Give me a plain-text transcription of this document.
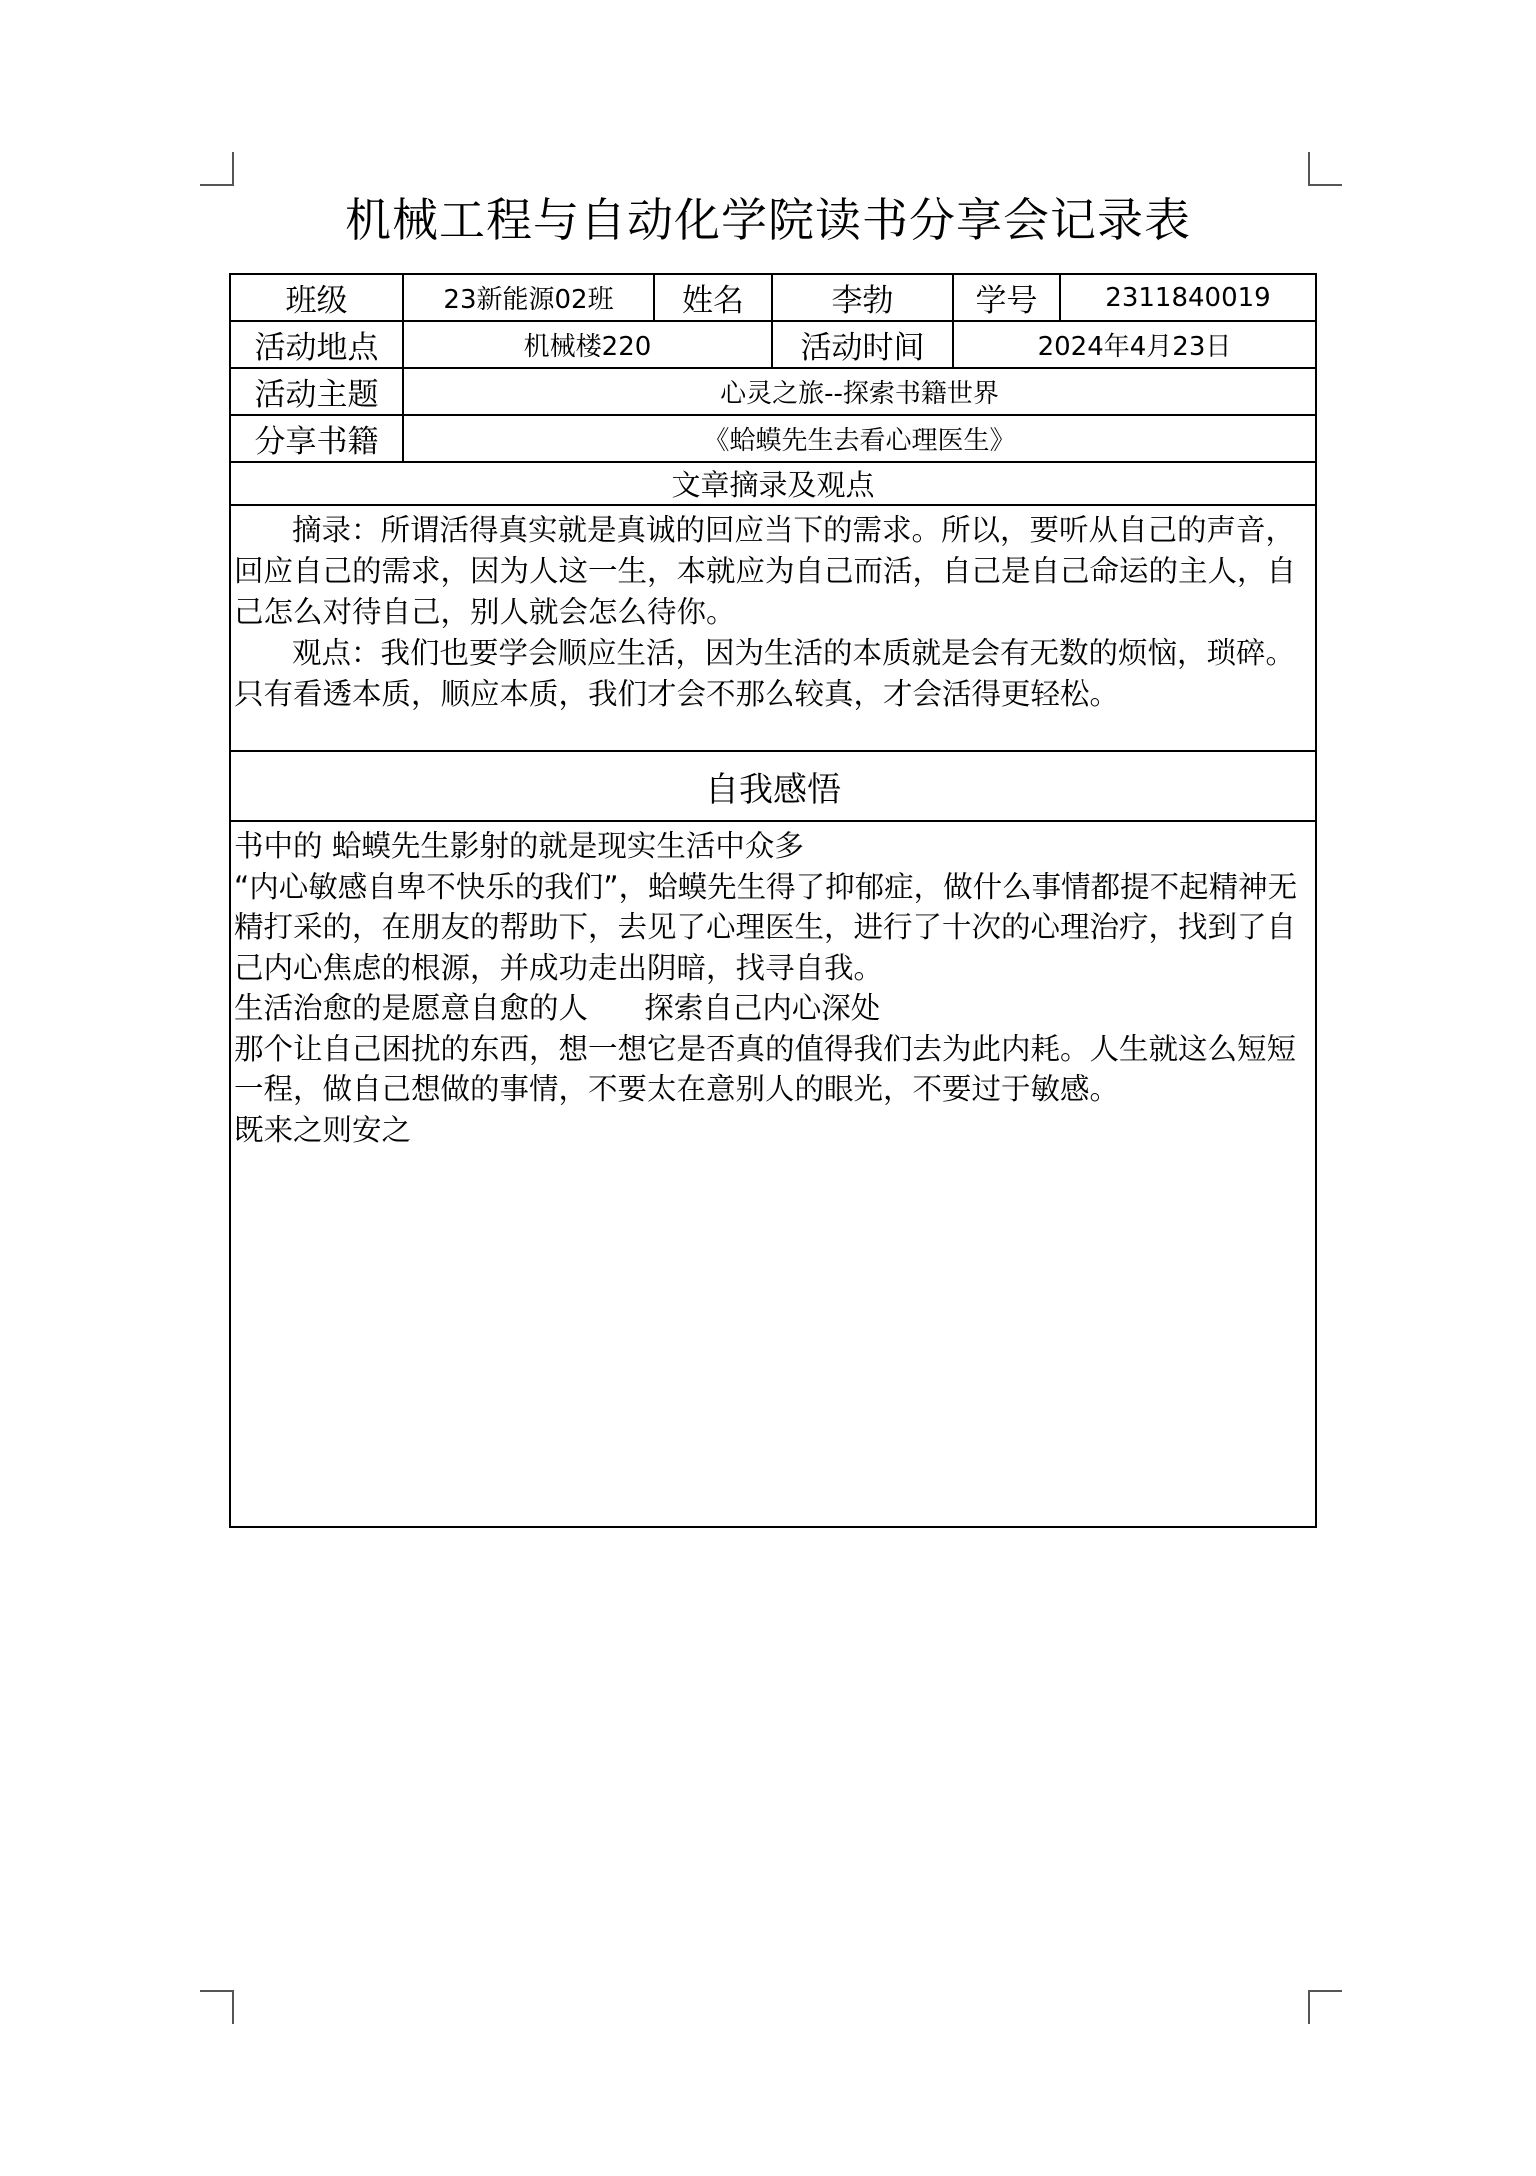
机械工程与自动化学院读书分享会记录表
班级	23新能源02班	姓名	李勃	学号	2311840019
活动地点	机械楼220		活动时间	2024年4月23日	
活动主题	心灵之旅--探索书籍世界				
分享书籍	《蛤蟆先生去看心理医生》				
文章摘录及观点					

摘录：所谓活得真实就是真诚的回应当下的需求。所以，要听从自己的声音，回应自己的需求，因为人这一生，本就应为自己而活，自己是自己命运的主人，自己怎么对待自己，别人就会怎么待你。

观点：我们也要学会顺应生活，因为生活的本质就是会有无数的烦恼，琐碎。只有看透本质，顺应本质，我们才会不那么较真，才会活得更轻松。					

自我感悟					

书中的 蛤蟆先生影射的就是现实生活中众多

“内心敏感自卑不快乐的我们”，蛤蟆先生得了抑郁症，做什么事情都提不起精神无精打采的，在朋友的帮助下，去见了心理医生，进行了十次的心理治疗，找到了自己内心焦虑的根源，并成功走出阴暗，找寻自我。

生活治愈的是愿意自愈的人      探索自己内心深处

那个让自己困扰的东西，想一想它是否真的值得我们去为此内耗。人生就这么短短一程，做自己想做的事情，不要太在意别人的眼光，不要过于敏感。

既来之则安之					
